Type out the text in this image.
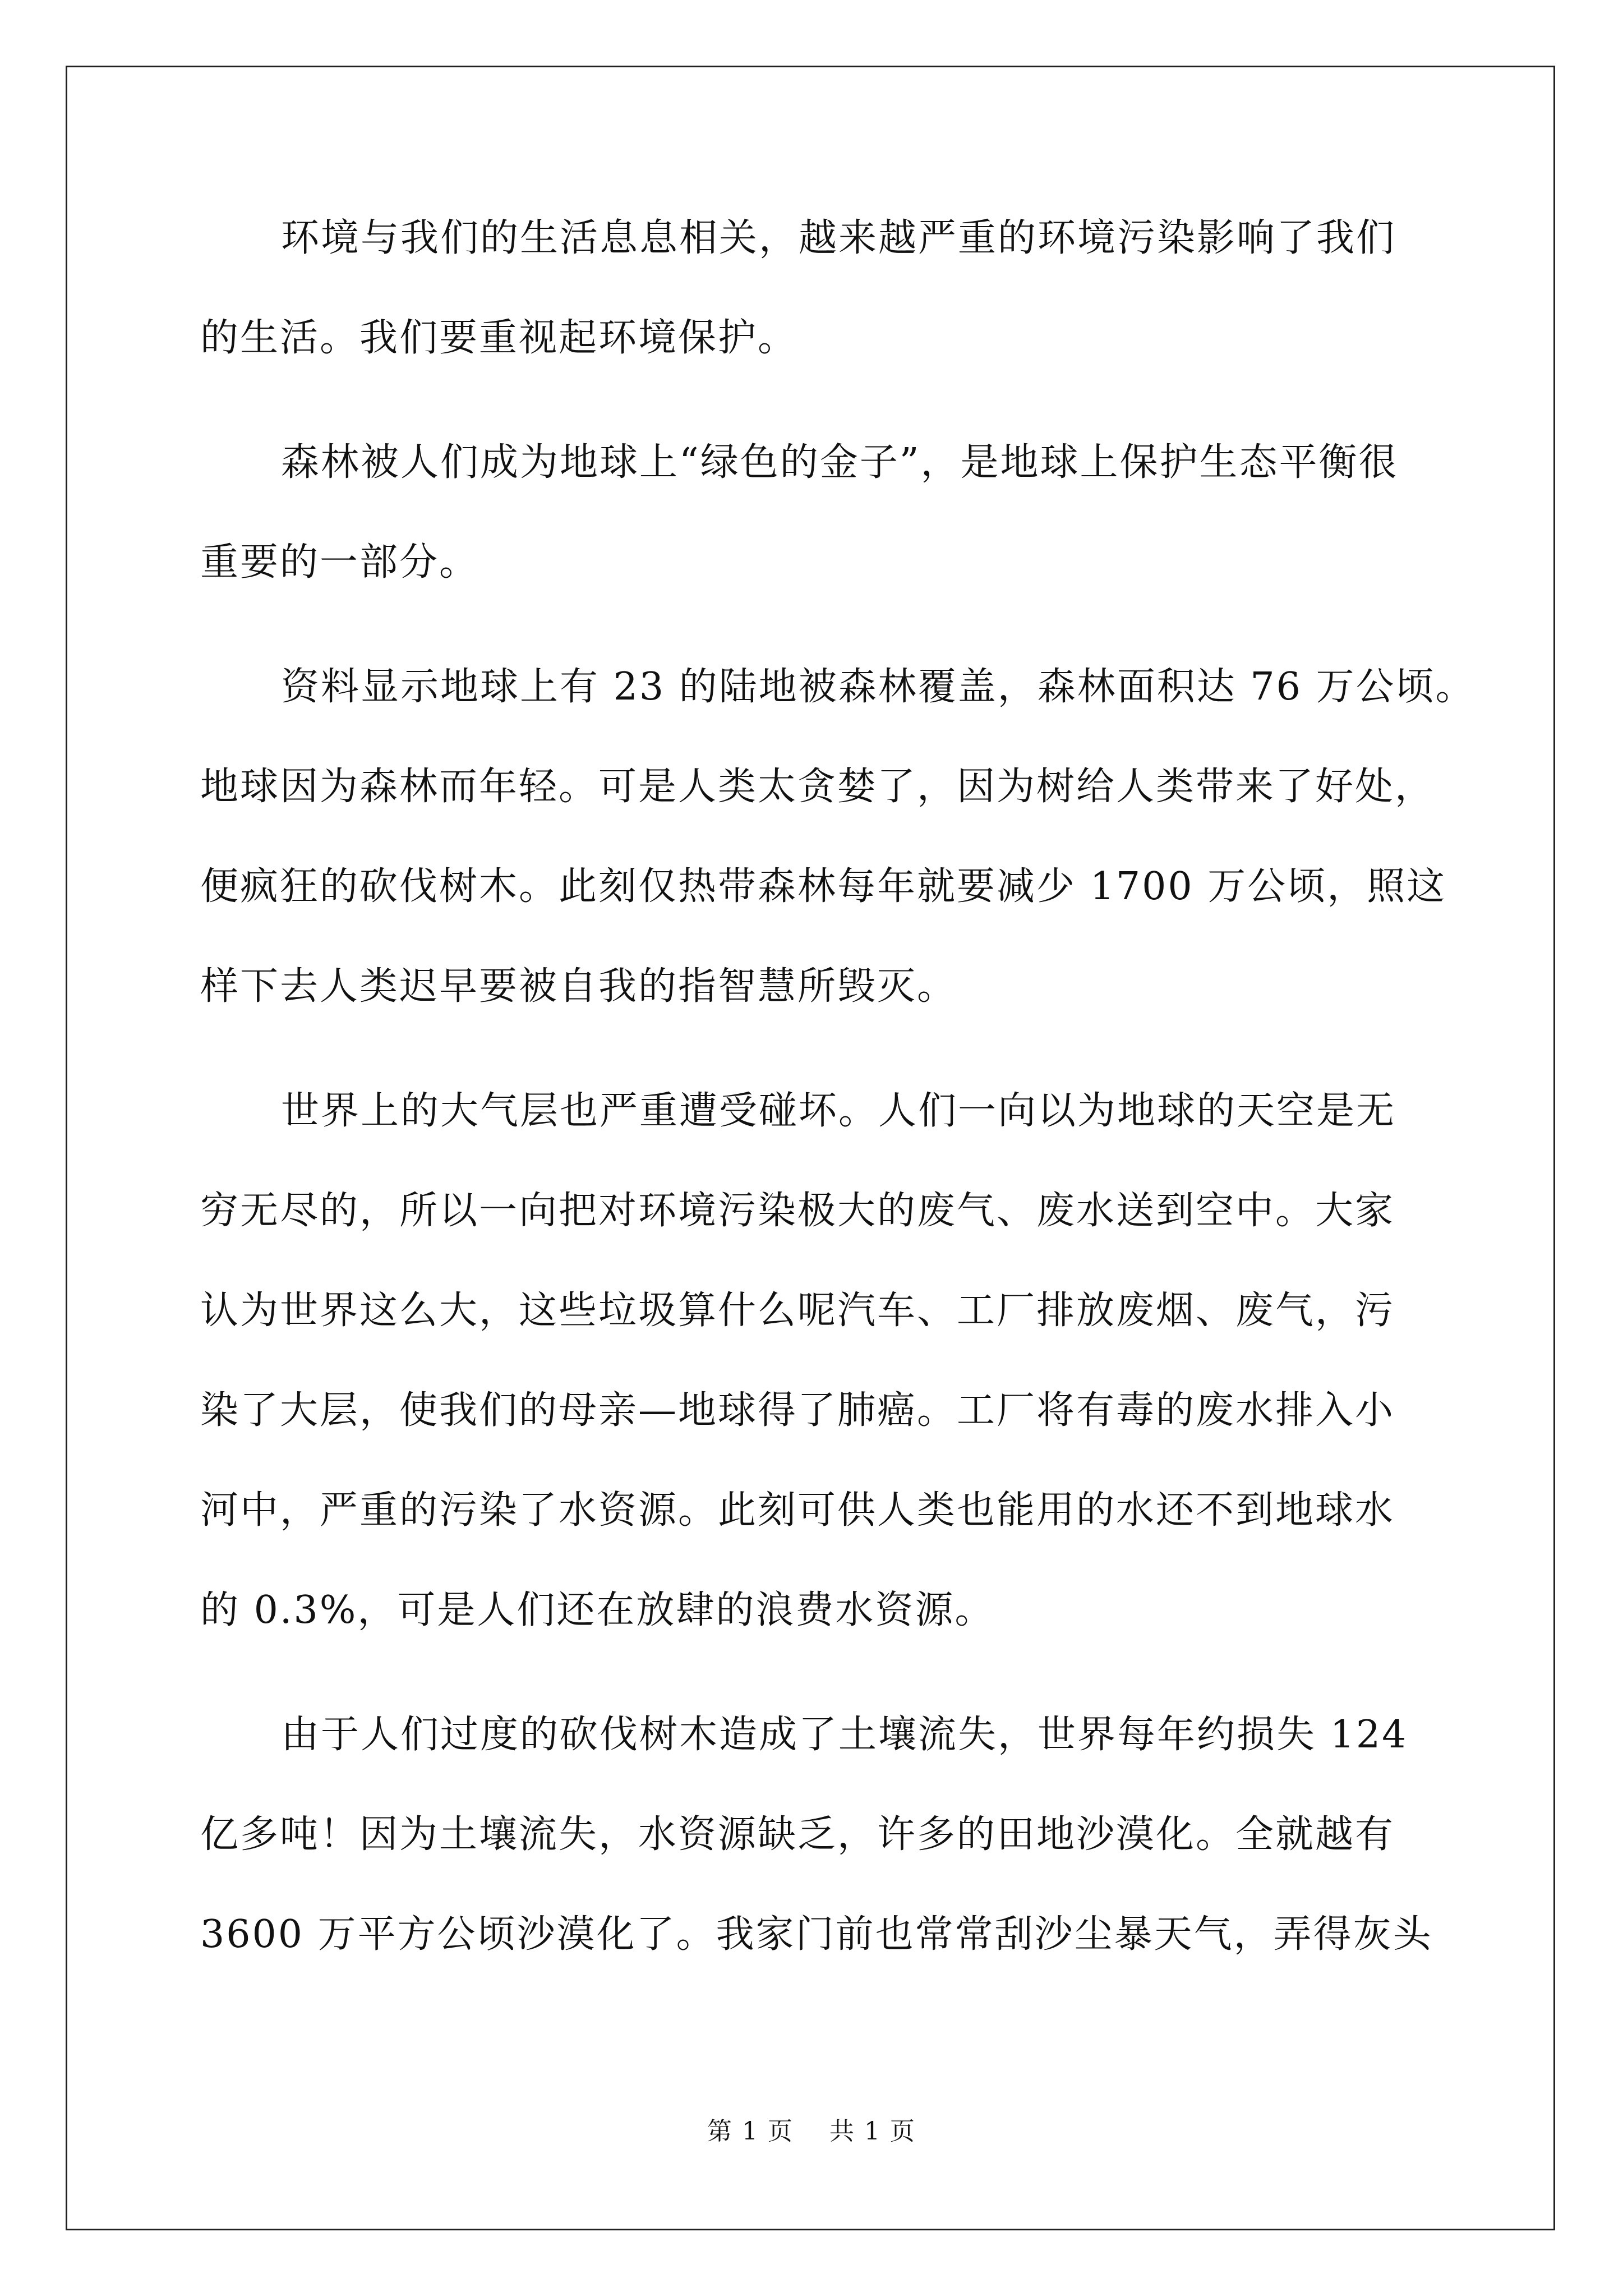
环境与我们的生活息息相关，越来越严重的环境污染影响了我们
的生活。我们要重视起环境保护。
森林被人们成为地球上“绿色的金子”，是地球上保护生态平衡很
重要的一部分。
资料显示地球上有 23 的陆地被森林覆盖，森林面积达 76 万公顷。
地球因为森林而年轻。可是人类太贪婪了，因为树给人类带来了好处，
便疯狂的砍伐树木。此刻仅热带森林每年就要减少 1700 万公顷，照这
样下去人类迟早要被自我的指智慧所毁灭。
世界上的大气层也严重遭受碰坏。人们一向以为地球的天空是无
穷无尽的，所以一向把对环境污染极大的废气、废水送到空中。大家
认为世界这么大，这些垃圾算什么呢汽车、工厂排放废烟、废气，污
染了大层，使我们的母亲—地球得了肺癌。工厂将有毒的废水排入小
河中，严重的污染了水资源。此刻可供人类也能用的水还不到地球水
的 0.3%，可是人们还在放肆的浪费水资源。
由于人们过度的砍伐树木造成了土壤流失，世界每年约损失 124
亿多吨！因为土壤流失，水资源缺乏，许多的田地沙漠化。全就越有
3600 万平方公顷沙漠化了。我家门前也常常刮沙尘暴天气，弄得灰头
第 1 页    共 1 页
